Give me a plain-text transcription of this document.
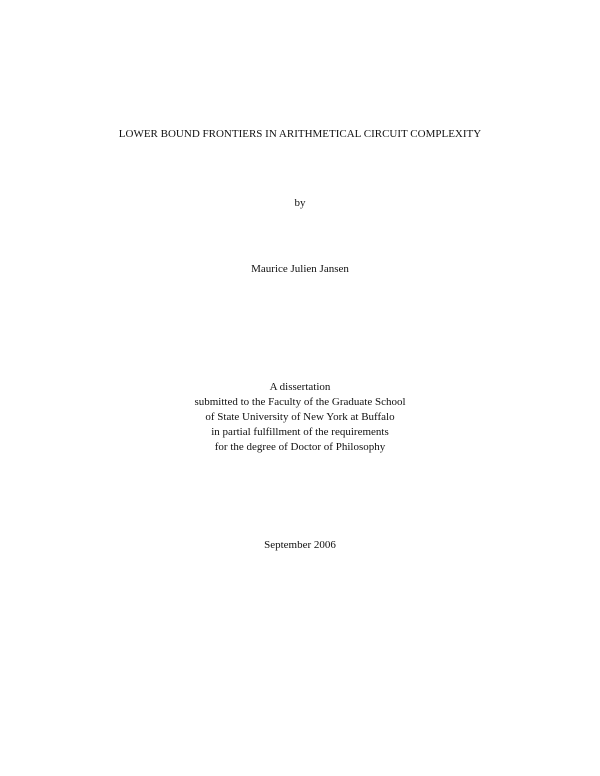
LOWER BOUND FRONTIERS IN ARITHMETICAL CIRCUIT COMPLEXITY
by
Maurice Julien Jansen
A dissertation
submitted to the Faculty of the Graduate School
of State University of New York at Buffalo
in partial fulfillment of the requirements
for the degree of Doctor of Philosophy
September 2006
